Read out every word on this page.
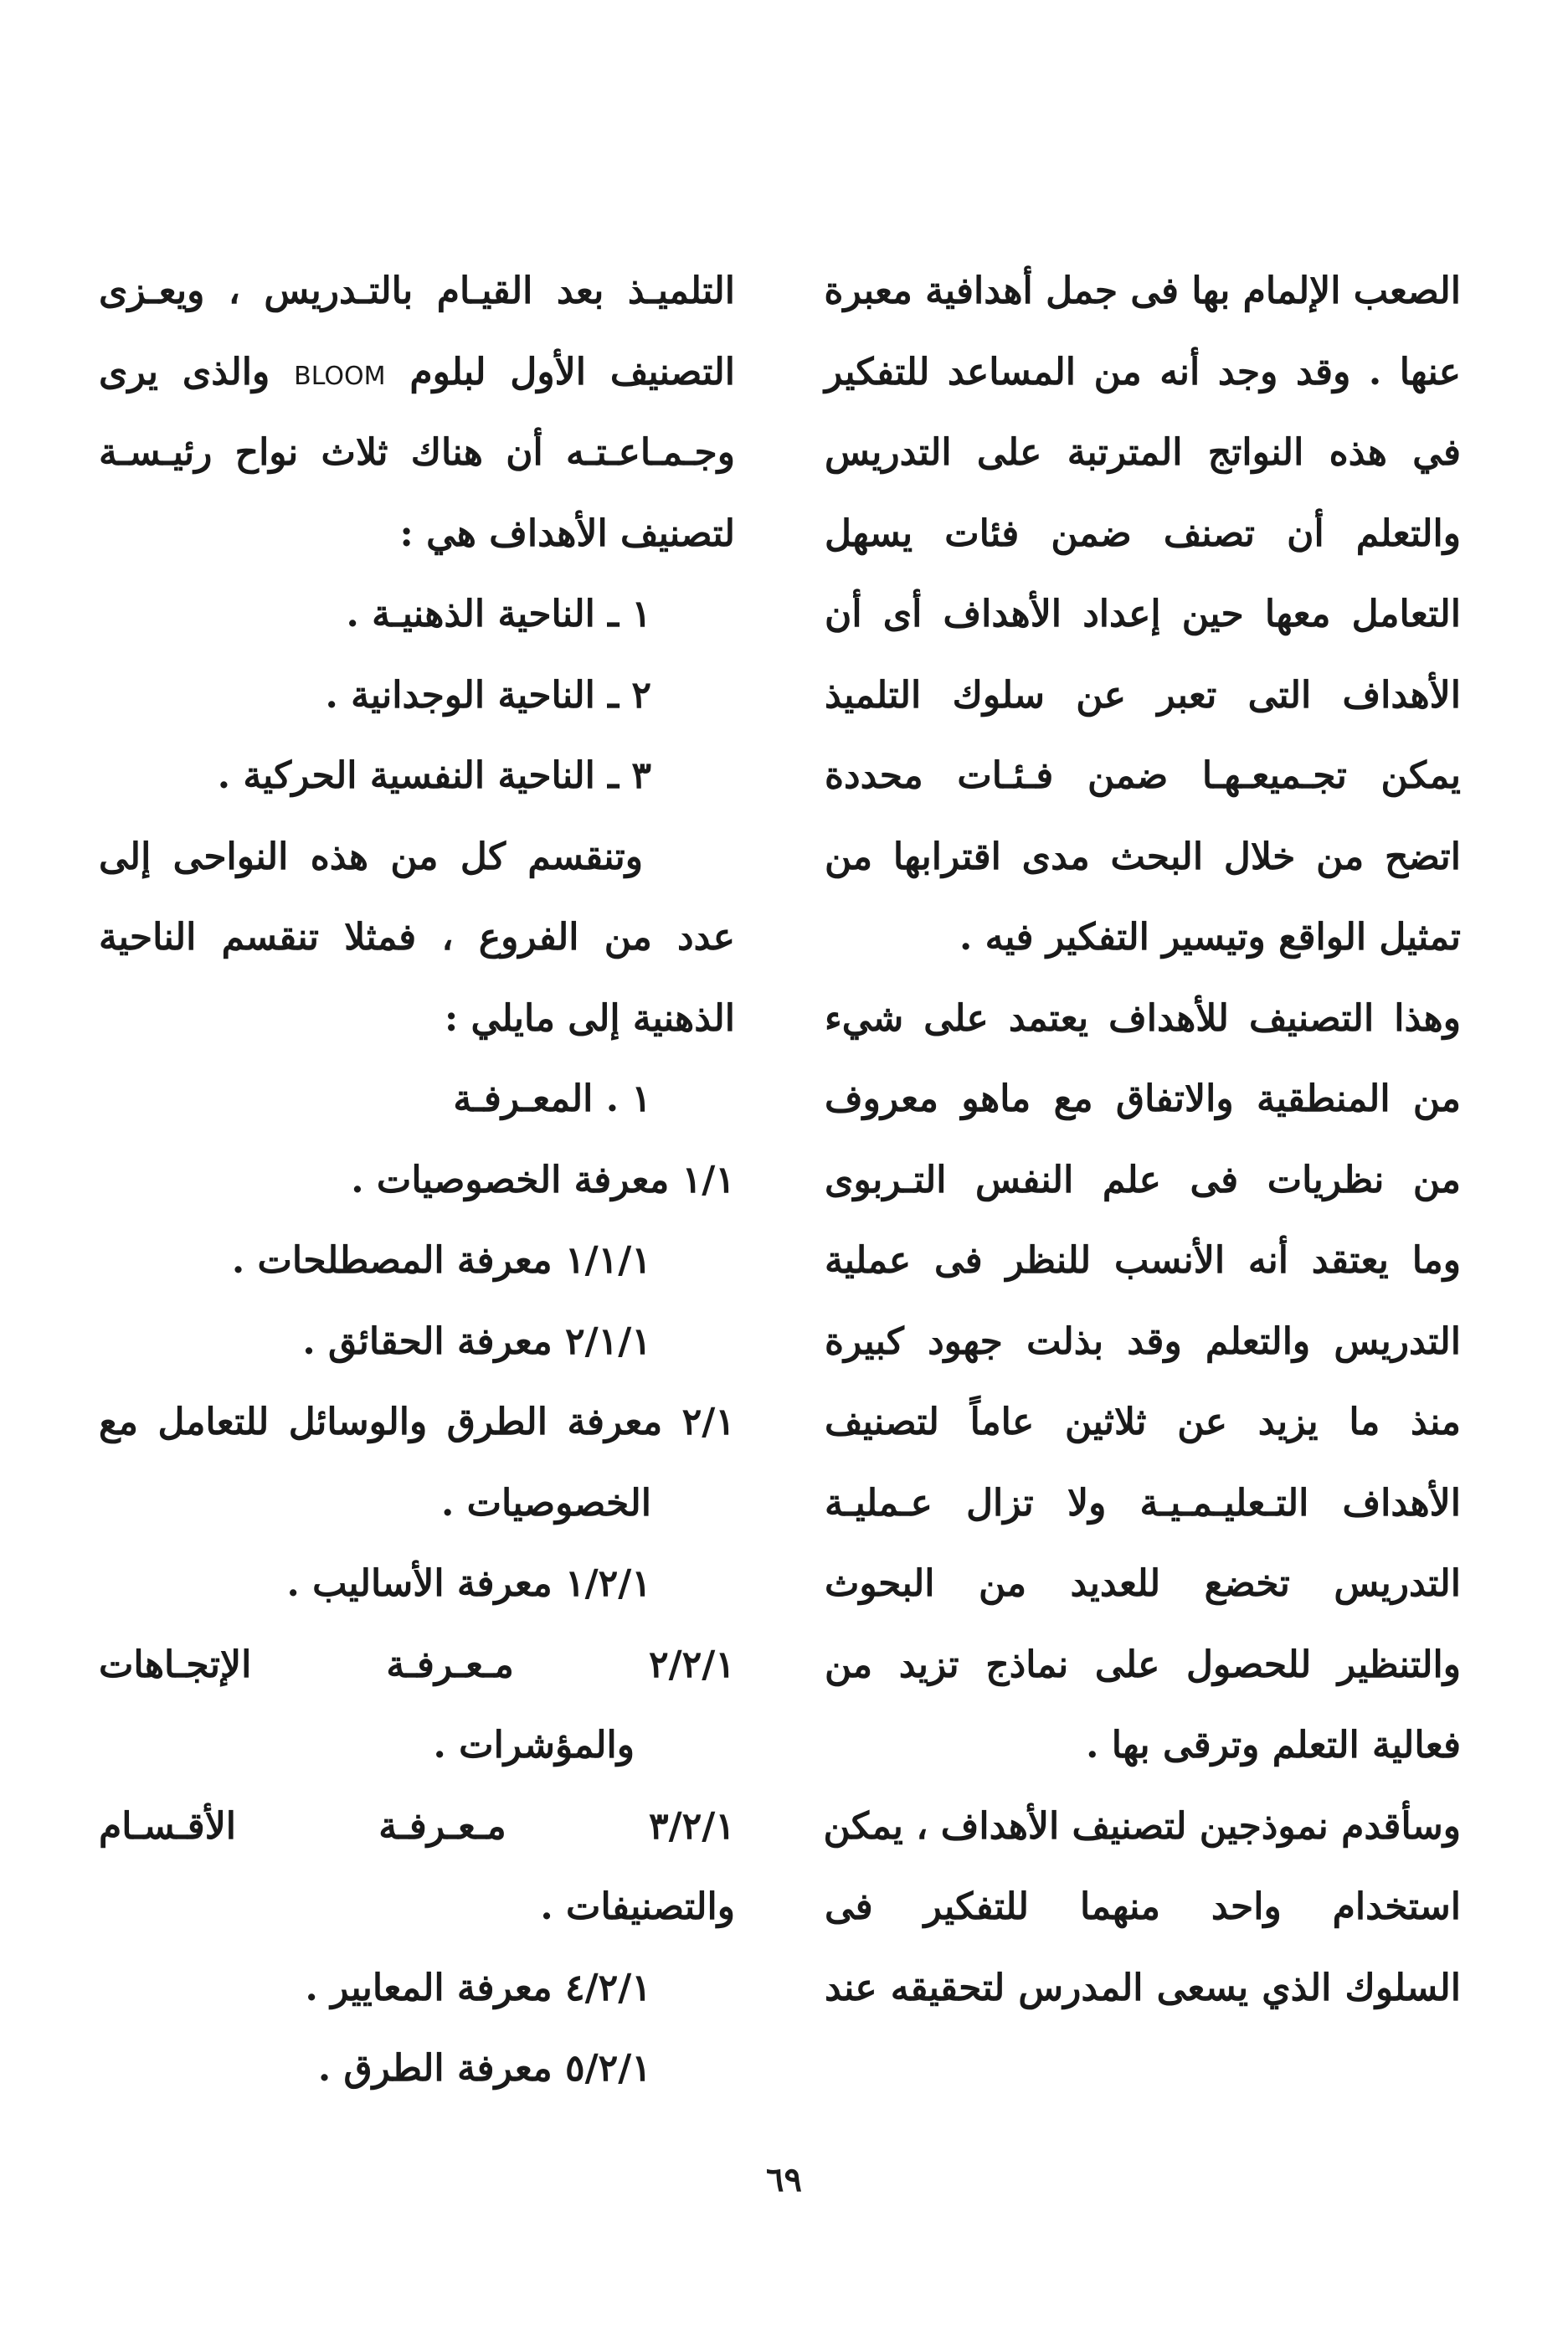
الصعب الإلمام بها فى جمل أهدافية معبرة
عنها . وقد وجد أنه من المساعد للتفكير
في هذه النواتج المترتبة على التدريس
والتعلم أن تصنف ضمن فئات يسهل
التعامل معها حين إعداد الأهداف أى أن
الأهداف التى تعبر عن سلوك التلميذ
يمكن تجـميعـهـا ضمن فـئـات محددة
اتضح من خلال البحث مدى اقترابها من
تمثيل الواقع وتيسير التفكير فيه .
وهذا التصنيف للأهداف يعتمد على شيء
من المنطقية والاتفاق مع ماهو معروف
من نظريات فى علم النفس التـربوى
وما يعتقد أنه الأنسب للنظر فى عملية
التدريس والتعلم وقد بذلت جهود كبيرة
منذ ما يزيد عن ثلاثين عاماً لتصنيف
الأهداف التـعليـمـيـة ولا تزال عـمليـة
التدريس تخضع للعديد من البحوث
والتنظير للحصول على نماذج تزيد من
فعالية التعلم وترقى بها .
وسأقدم نموذجين لتصنيف الأهداف ، يمكن
استخدام واحد منهما للتفكير فى
السلوك الذي يسعى المدرس لتحقيقه عند
التلميـذ بعد القيـام بالتـدريس ، ويعـزى
التصنيف الأول لبلوم BLOOM والذى يرى
وجـمـاعـتـه أن هناك ثلاث نواح رئيـسـة
لتصنيف الأهداف هي :
١ ـ الناحية الذهنيـة .
٢ ـ الناحية الوجدانية .
٣ ـ الناحية النفسية الحركية .
وتنقسم كل من هذه النواحى إلى
عدد من الفروع ، فمثلا تنقسم الناحية
الذهنية إلى مايلي :
١ . المعـرفـة
١/١ معرفة الخصوصيات .
١/١/١ معرفة المصطلحات .
٢/١/١ معرفة الحقائق .
٢/١ معرفة الطرق والوسائل للتعامل مع
الخصوصيات .
١/٢/١ معرفة الأساليب .
٢/٢/١ مـعـرفـة الإتجـاهات
والمؤشرات .
٣/٢/١ مـعـرفـة الأقـسـام
والتصنيفات .
٤/٢/١ معرفة المعايير .
٥/٢/١ معرفة الطرق .
٦٩
